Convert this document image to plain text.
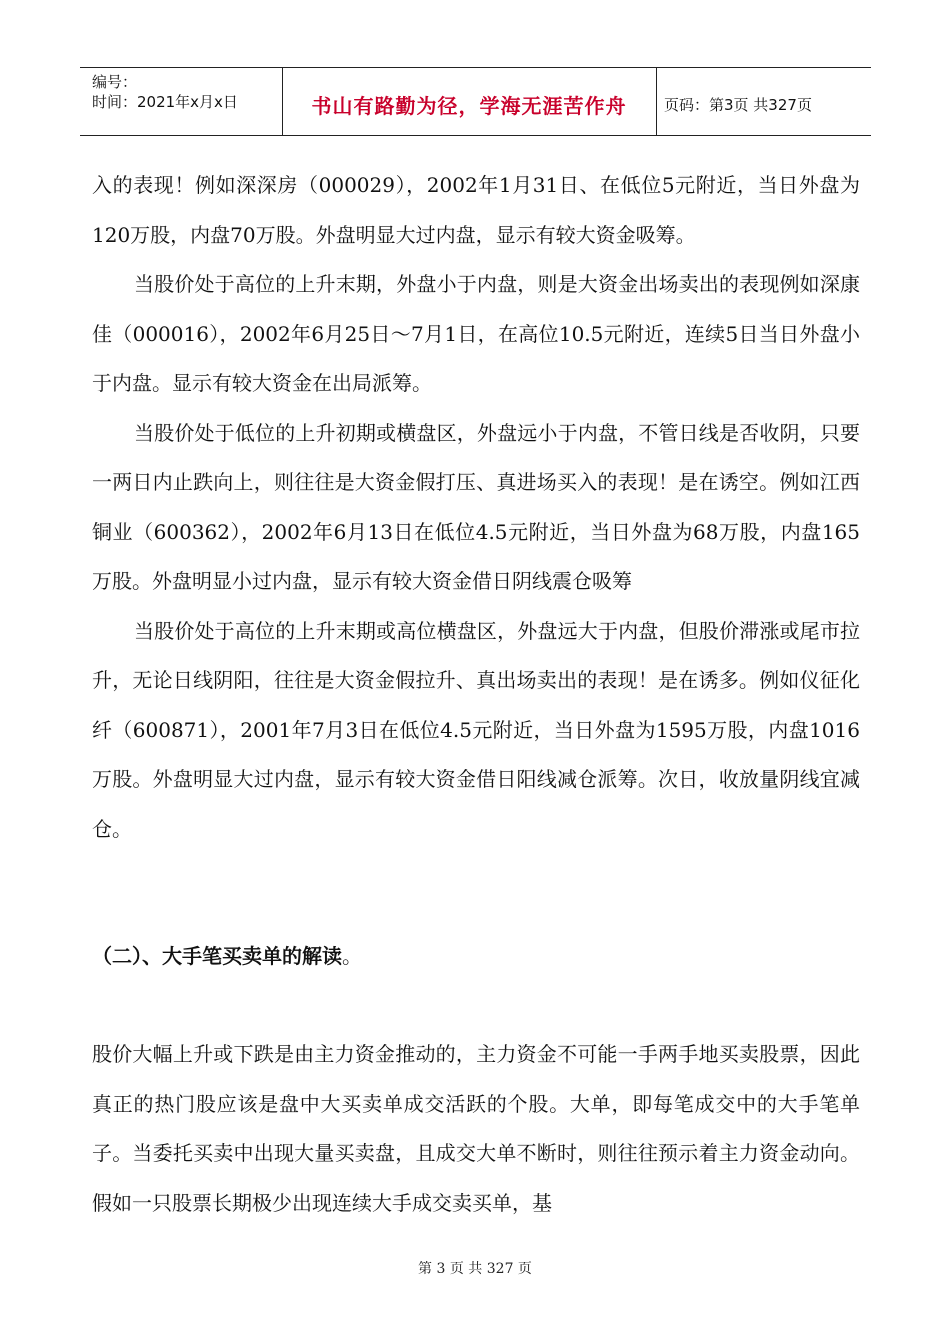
编号：
时间：2021年x月x日	书山有路勤为径，学海无涯苦作舟	页码：第3页 共327页

入的表现！例如深深房（000029），2002年1月31日、在低位5元附近，当日外盘为120万股，内盘70万股。外盘明显大过内盘，显示有较大资金吸筹。

当股价处于高位的上升末期，外盘小于内盘，则是大资金出场卖出的表现例如深康佳（000016），2002年6月25日～7月1日，在高位10.5元附近，连续5日当日外盘小于内盘。显示有较大资金在出局派筹。

当股价处于低位的上升初期或横盘区，外盘远小于内盘，不管日线是否收阴，只要一两日内止跌向上，则往往是大资金假打压、真进场买入的表现！是在诱空。例如江西铜业（600362），2002年6月13日在低位4.5元附近，当日外盘为68万股，内盘165万股。外盘明显小过内盘，显示有较大资金借日阴线震仓吸筹

当股价处于高位的上升末期或高位横盘区，外盘远大于内盘，但股价滞涨或尾市拉升，无论日线阴阳，往往是大资金假拉升、真出场卖出的表现！是在诱多。例如仪征化纤（600871），2001年7月3日在低位4.5元附近，当日外盘为1595万股，内盘1016万股。外盘明显大过内盘，显示有较大资金借日阳线减仓派筹。次日，收放量阴线宜减仓。

（二）、大手笔买卖单的解读。

股价大幅上升或下跌是由主力资金推动的，主力资金不可能一手两手地买卖股票，因此真正的热门股应该是盘中大买卖单成交活跃的个股。大单，即每笔成交中的大手笔单子。当委托买卖中出现大量买卖盘，且成交大单不断时，则往往预示着主力资金动向。假如一只股票长期极少出现连续大手成交卖买单，基

第 3 页 共 327 页
